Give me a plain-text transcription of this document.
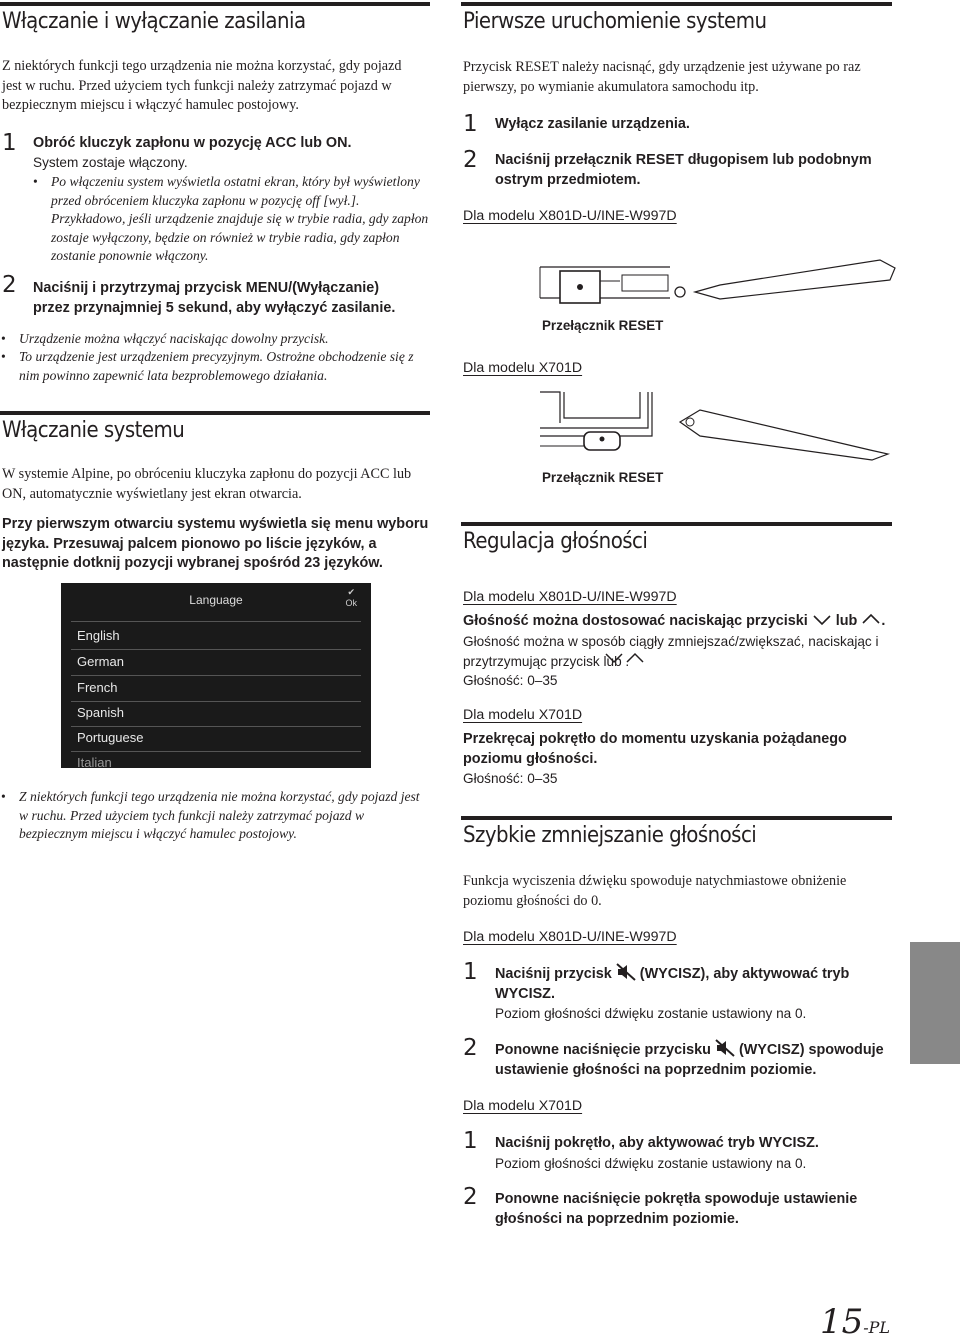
Włączanie i wyłączanie zasilania
Z niektórych funkcji tego urządzenia nie można korzystać, gdy pojazd jest w ruchu. Przed użyciem tych funkcji należy zatrzymać pojazd w bezpiecznym miejscu i włączyć hamulec postojowy.
1 Obróć kluczyk zapłonu w pozycję ACC lub ON.
System zostaje włączony.
• Po włączeniu system wyświetla ostatni ekran, który był wyświetlony przed obróceniem kluczyka zapłonu w pozycję off [wył.]. Przykładowo, jeśli urządzenie znajduje się w trybie radia, gdy zapłon zostaje wyłączony, będzie on również w trybie radia, gdy zapłon zostanie ponownie włączony.
2 Naciśnij i przytrzymaj przycisk MENU/(Wyłączanie) przez przynajmniej 5 sekund, aby wyłączyć zasilanie.
• Urządzenie można włączyć naciskając dowolny przycisk.
• To urządzenie jest urządzeniem precyzyjnym. Ostrożne obchodzenie się z nim powinno zapewnić lata bezproblemowego działania.
Włączanie systemu
W systemie Alpine, po obróceniu kluczyka zapłonu do pozycji ACC lub ON, automatycznie wyświetlany jest ekran otwarcia.
Przy pierwszym otwarciu systemu wyświetla się menu wyboru języka. Przesuwaj palcem pionowo po liście języków, a następnie dotknij pozycji wybranej spośród 23 języków.
Language
✔
Ok
English
German
French
Spanish
Portuguese
Italian
• Z niektórych funkcji tego urządzenia nie można korzystać, gdy pojazd jest w ruchu. Przed użyciem tych funkcji należy zatrzymać pojazd w bezpiecznym miejscu i włączyć hamulec postojowy.
Pierwsze uruchomienie systemu
Przycisk RESET należy nacisnąć, gdy urządzenie jest używane po raz pierwszy, po wymianie akumulatora samochodu itp.
1 Wyłącz zasilanie urządzenia.
2 Naciśnij przełącznik RESET długopisem lub podobnym ostrym przedmiotem.
Dla modelu X801D-U/INE-W997D
Przełącznik RESET
Dla modelu X701D
Przełącznik RESET
Regulacja głośności
Dla modelu X801D-U/INE-W997D
Głośność można dostosować naciskając przyciski lub .
Głośność można w sposób ciągły zmniejszać/zwiększać, naciskając i przytrzymując przycisk lub .
Głośność: 0–35
Dla modelu X701D
Przekręcaj pokrętło do momentu uzyskania pożądanego poziomu głośności.
Głośność: 0–35
Szybkie zmniejszanie głośności
Funkcja wyciszenia dźwięku spowoduje natychmiastowe obniżenie poziomu głośności do 0.
Dla modelu X801D-U/INE-W997D
1 Naciśnij przycisk (WYCISZ), aby aktywować tryb WYCISZ.
Poziom głośności dźwięku zostanie ustawiony na 0.
2 Ponowne naciśnięcie przycisku (WYCISZ) spowoduje ustawienie głośności na poprzednim poziomie.
Dla modelu X701D
1 Naciśnij pokrętło, aby aktywować tryb WYCISZ.
Poziom głośności dźwięku zostanie ustawiony na 0.
2 Ponowne naciśnięcie pokrętła spowoduje ustawienie głośności na poprzednim poziomie.
15-PL
